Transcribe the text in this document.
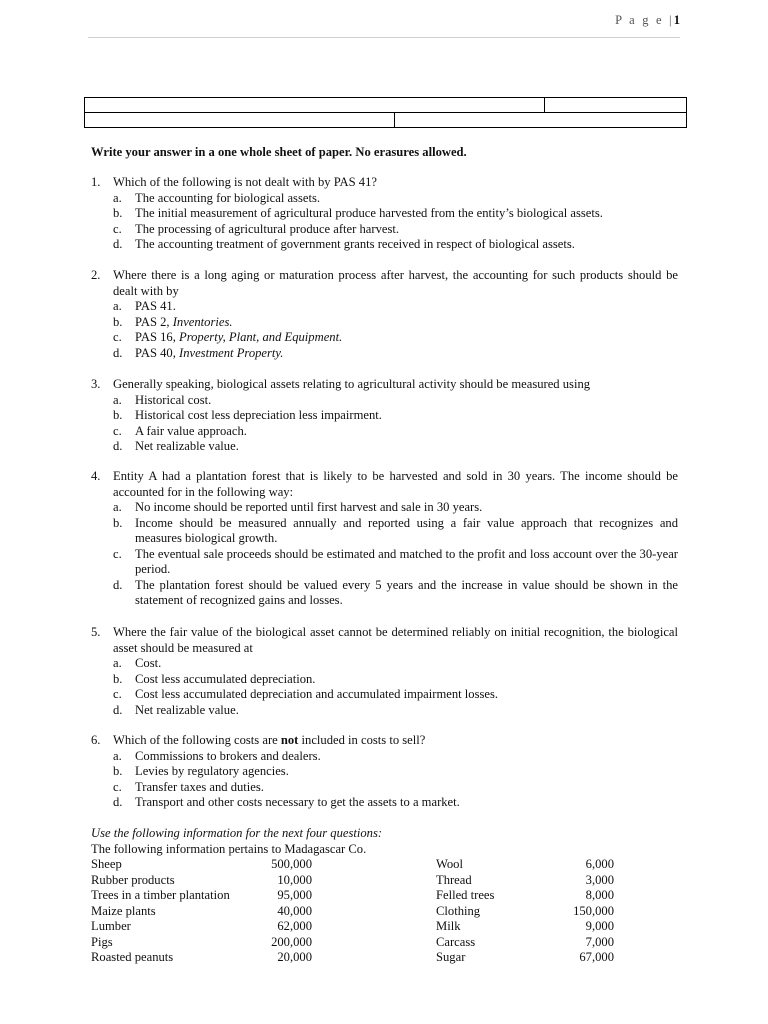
P a g e |1

Write your answer in a one whole sheet of paper. No erasures allowed.
1. Which of the following is not dealt with by PAS 41?
a.	The accounting for biological assets.
b. The initial measurement of agricultural produce harvested from the entity’s biological assets.
c.	The processing of agricultural produce after harvest.
d. The accounting treatment of government grants received in respect of biological assets.
2. Where there is a long aging or maturation process after harvest, the accounting for such products should be dealt with by
a.	PAS 41.
b. PAS 2, Inventories.
c.	PAS 16, Property, Plant, and Equipment.
d. PAS 40, Investment Property.
3. Generally speaking, biological assets relating to agricultural activity should be measured using
a.	Historical cost.
b. Historical cost less depreciation less impairment.
c.	A fair value approach.
d. Net realizable value.
4. Entity A had a plantation forest that is likely to be harvested and sold in 30 years. The income should be accounted for in the following way:
a.	No income should be reported until first harvest and sale in 30 years.
b. Income should be measured annually and reported using a fair value approach that recognizes and measures biological growth.
c.	The eventual sale proceeds should be estimated and matched to the profit and loss account over the 30-year period.
d. The plantation forest should be valued every 5 years and the increase in value should be shown in the statement of recognized gains and losses.
5. Where the fair value of the biological asset cannot be determined reliably on initial recognition, the biological asset should be measured at
a.	Cost.
b. Cost less accumulated depreciation.
c.	Cost less accumulated depreciation and accumulated impairment losses.
d. Net realizable value.
6. Which of the following costs are not included in costs to sell?
a.	Commissions to brokers and dealers.
b. Levies by regulatory agencies.
c.	Transfer taxes and duties.
d. Transport and other costs necessary to get the assets to a market.
Use the following information for the next four questions:
The following information pertains to Madagascar Co.
Sheep	500,000	Wool	6,000
Rubber products	10,000	Thread	3,000
Trees in a timber plantation	95,000	Felled trees	8,000
Maize plants	40,000	Clothing	150,000
Lumber	62,000	Milk	9,000
Pigs	200,000	Carcass	7,000
Roasted peanuts	20,000	Sugar	67,000
